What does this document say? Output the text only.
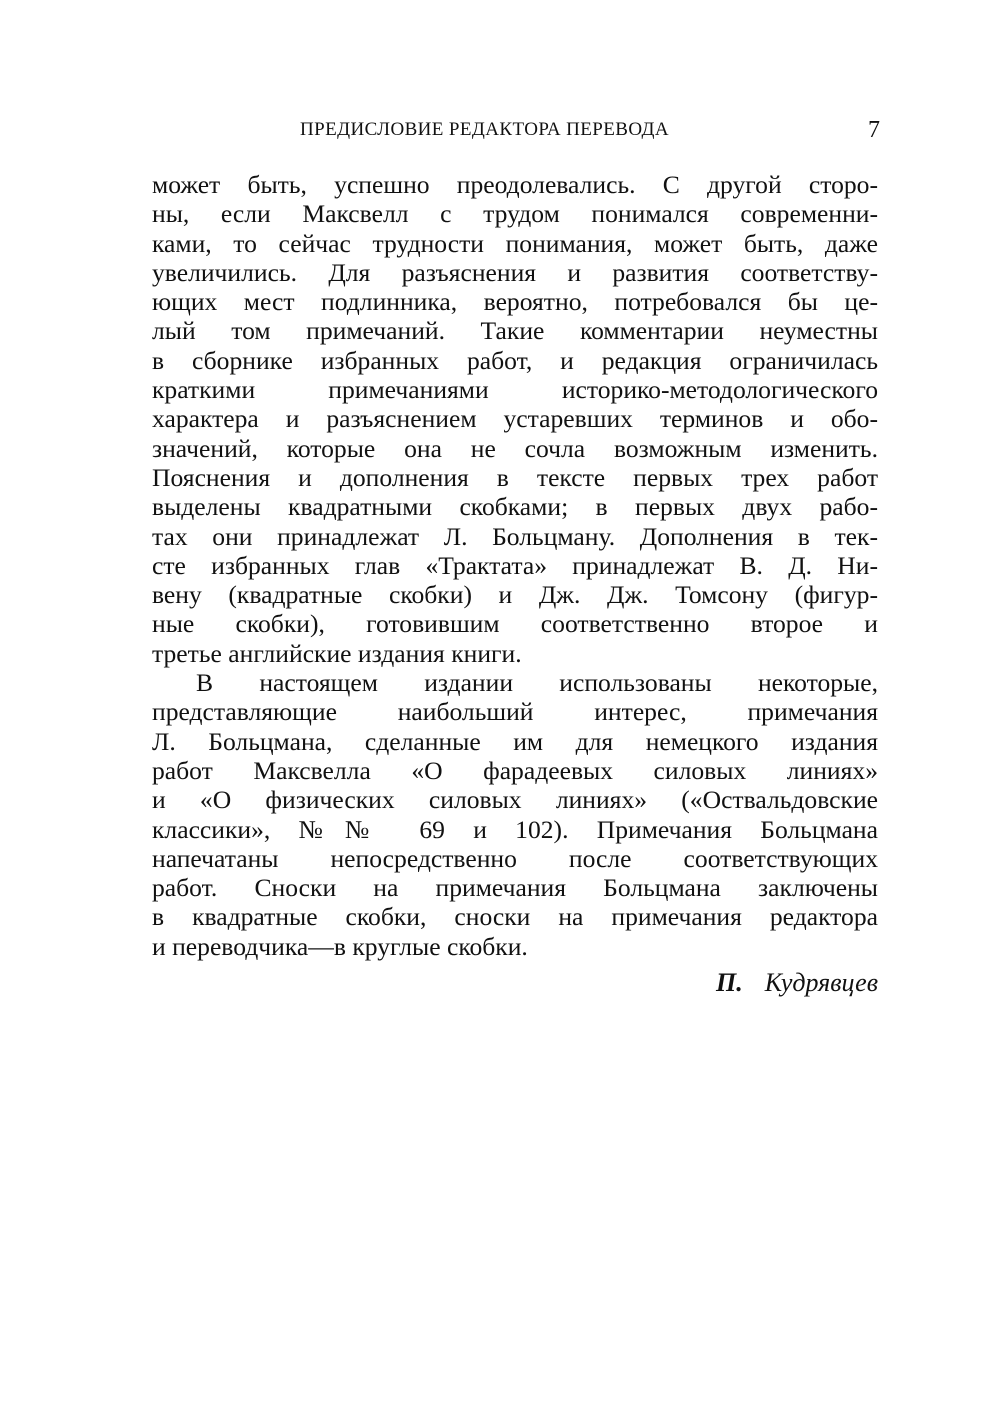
ПРЕДИСЛОВИЕ РЕДАКТОРА ПЕРЕВОДА	7
может быть, успешно преодолевались. С другой сторо-
ны, если Максвелл с трудом понимался современни-
ками, то сейчас трудности понимания, может быть, даже
увеличились. Для разъяснения и развития соответству-
ющих мест подлинника, вероятно, потребовался бы це-
лый том примечаний. Такие комментарии неуместны
в сборнике избранных работ, и редакция ограничилась
краткими примечаниями историко-методологического
характера и разъяснением устаревших терминов и обо-
значений, которые она не сочла возможным изменить.
Пояснения и дополнения в тексте первых трех работ
выделены квадратными скобками; в первых двух рабо-
тах они принадлежат Л. Больцману. Дополнения в тек-
сте избранных глав «Трактата» принадлежат В. Д. Ни-
вену (квадратные скобки) и Дж. Дж. Томсону (фигур-
ные скобки), готовившим соответственно второе и
третье английские издания книги.
В настоящем издании использованы некоторые,
представляющие наибольший интерес, примечания
Л. Больцмана, сделанные им для немецкого издания
работ Максвелла «О фарадеевых силовых линиях»
и «О физических силовых линиях» («Оствальдовские
классики», №№ 69 и 102). Примечания Больцмана
напечатаны непосредственно после соответствующих
работ. Сноски на примечания Больцмана заключены
в квадратные скобки, сноски на примечания редактора
и переводчика—в круглые скобки.
П. Кудрявцев
